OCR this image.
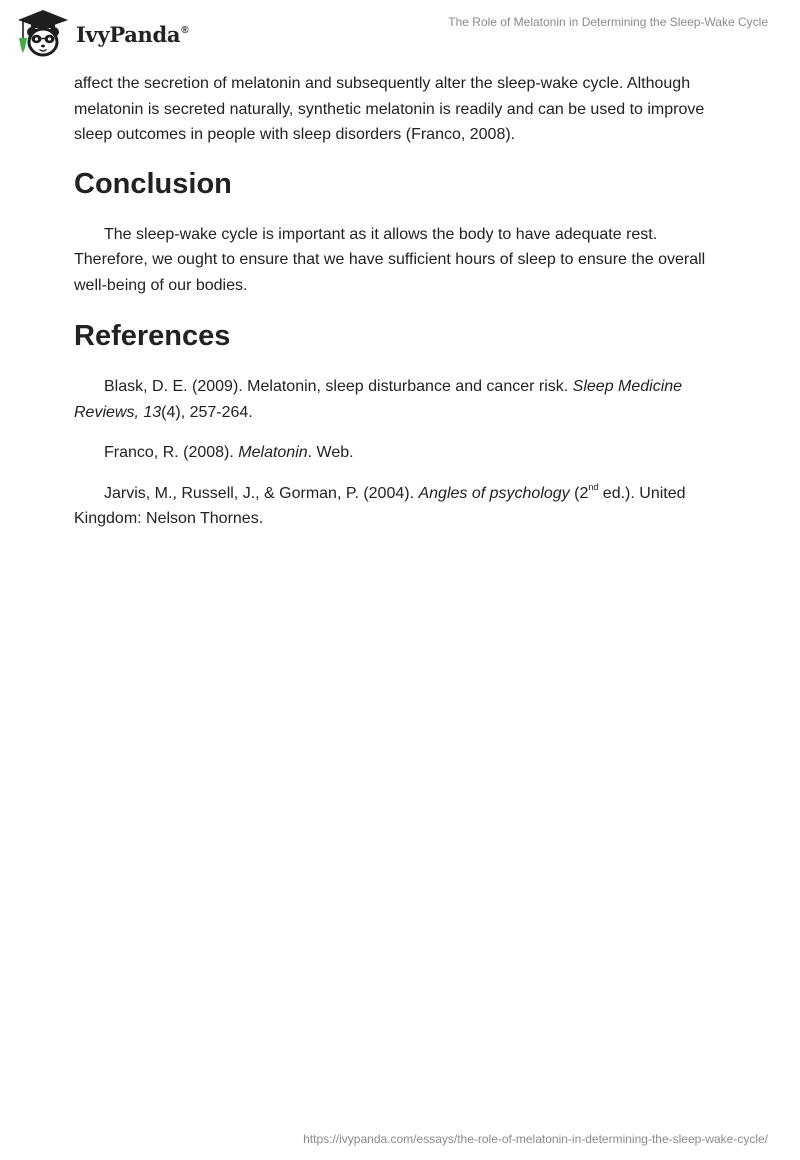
IvyPanda®
The Role of Melatonin in Determining the Sleep-Wake Cycle

affect the secretion of melatonin and subsequently alter the sleep-wake cycle. Although melatonin is secreted naturally, synthetic melatonin is readily and can be used to improve sleep outcomes in people with sleep disorders (Franco, 2008).

Conclusion

The sleep-wake cycle is important as it allows the body to have adequate rest. Therefore, we ought to ensure that we have sufficient hours of sleep to ensure the overall well-being of our bodies.

References

Blask, D. E. (2009). Melatonin, sleep disturbance and cancer risk. Sleep Medicine Reviews, 13(4), 257-264.

Franco, R. (2008). Melatonin. Web.

Jarvis, M., Russell, J., & Gorman, P. (2004). Angles of psychology (2nd ed.). United Kingdom: Nelson Thornes.

https://ivypanda.com/essays/the-role-of-melatonin-in-determining-the-sleep-wake-cycle/
